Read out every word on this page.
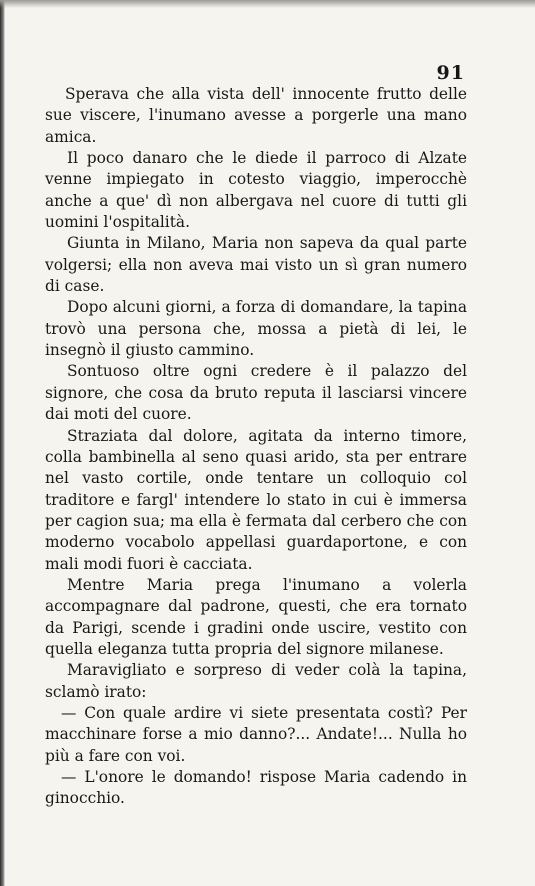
91

Sperava che alla vista dell' innocente frutto delle sue viscere, l'inumano avesse a porgerle una mano amica.

Il poco danaro che le diede il parroco di Alzate venne impiegato in cotesto viaggio, imperocchè anche a que' dì non albergava nel cuore di tutti gli uomini l'ospitalità.

Giunta in Milano, Maria non sapeva da qual parte volgersi; ella non aveva mai visto un sì gran numero di case.

Dopo alcuni giorni, a forza di domandare, la tapina trovò una persona che, mossa a pietà di lei, le insegnò il giusto cammino.

Sontuoso oltre ogni credere è il palazzo del signore, che cosa da bruto reputa il lasciarsi vincere dai moti del cuore.

Straziata dal dolore, agitata da interno timore, colla bambinella al seno quasi arido, sta per entrare nel vasto cortile, onde tentare un colloquio col traditore e fargl' intendere lo stato in cui è immersa per cagion sua; ma ella è fermata dal cerbero che con moderno vocabolo appellasi guardaportone, e con mali modi fuori è cacciata.

Mentre Maria prega l'inumano a volerla accompagnare dal padrone, questi, che era tornato da Parigi, scende i gradini onde uscire, vestito con quella eleganza tutta propria del signore milanese.

Maravigliato e sorpreso di veder colà la tapina, sclamò irato:

— Con quale ardire vi siete presentata costì? Per macchinare forse a mio danno?... Andate!... Nulla ho più a fare con voi.

— L'onore le domando! rispose Maria cadendo in ginocchio.
